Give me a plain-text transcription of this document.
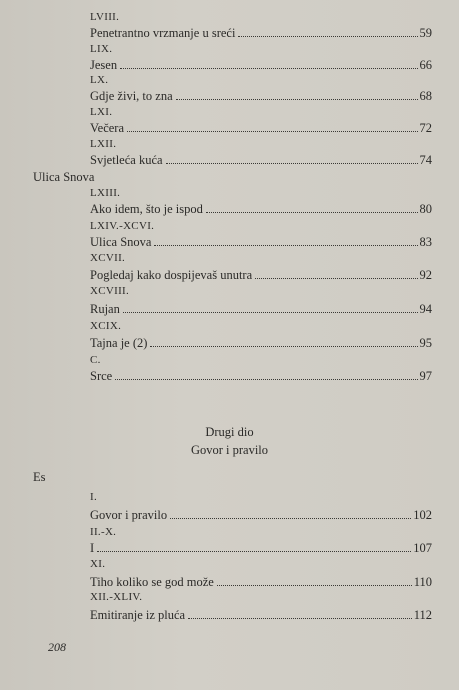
LVIII.
Penetrantno vrzmanje u sreći	59
LIX.
Jesen	66
LX.
Gdje živi, to zna	68
LXI.
Večera	72
LXII.
Svjetleća kuća	74
Ulica Snova
LXIII.
Ako idem, što je ispod	80
LXIV.-XCVI.
Ulica Snova	83
XCVII.
Pogledaj kako dospijevaš unutra	92
XCVIII.
Rujan	94
XCIX.
Tajna je (2)	95
C.
Srce	97
Drugi dio
Govor i pravilo
Es
I.
Govor i pravilo	102
II.-X.
I	107
XI.
Tiho koliko se god može	110
XII.-XLIV.
Emitiranje iz pluća	112
208
